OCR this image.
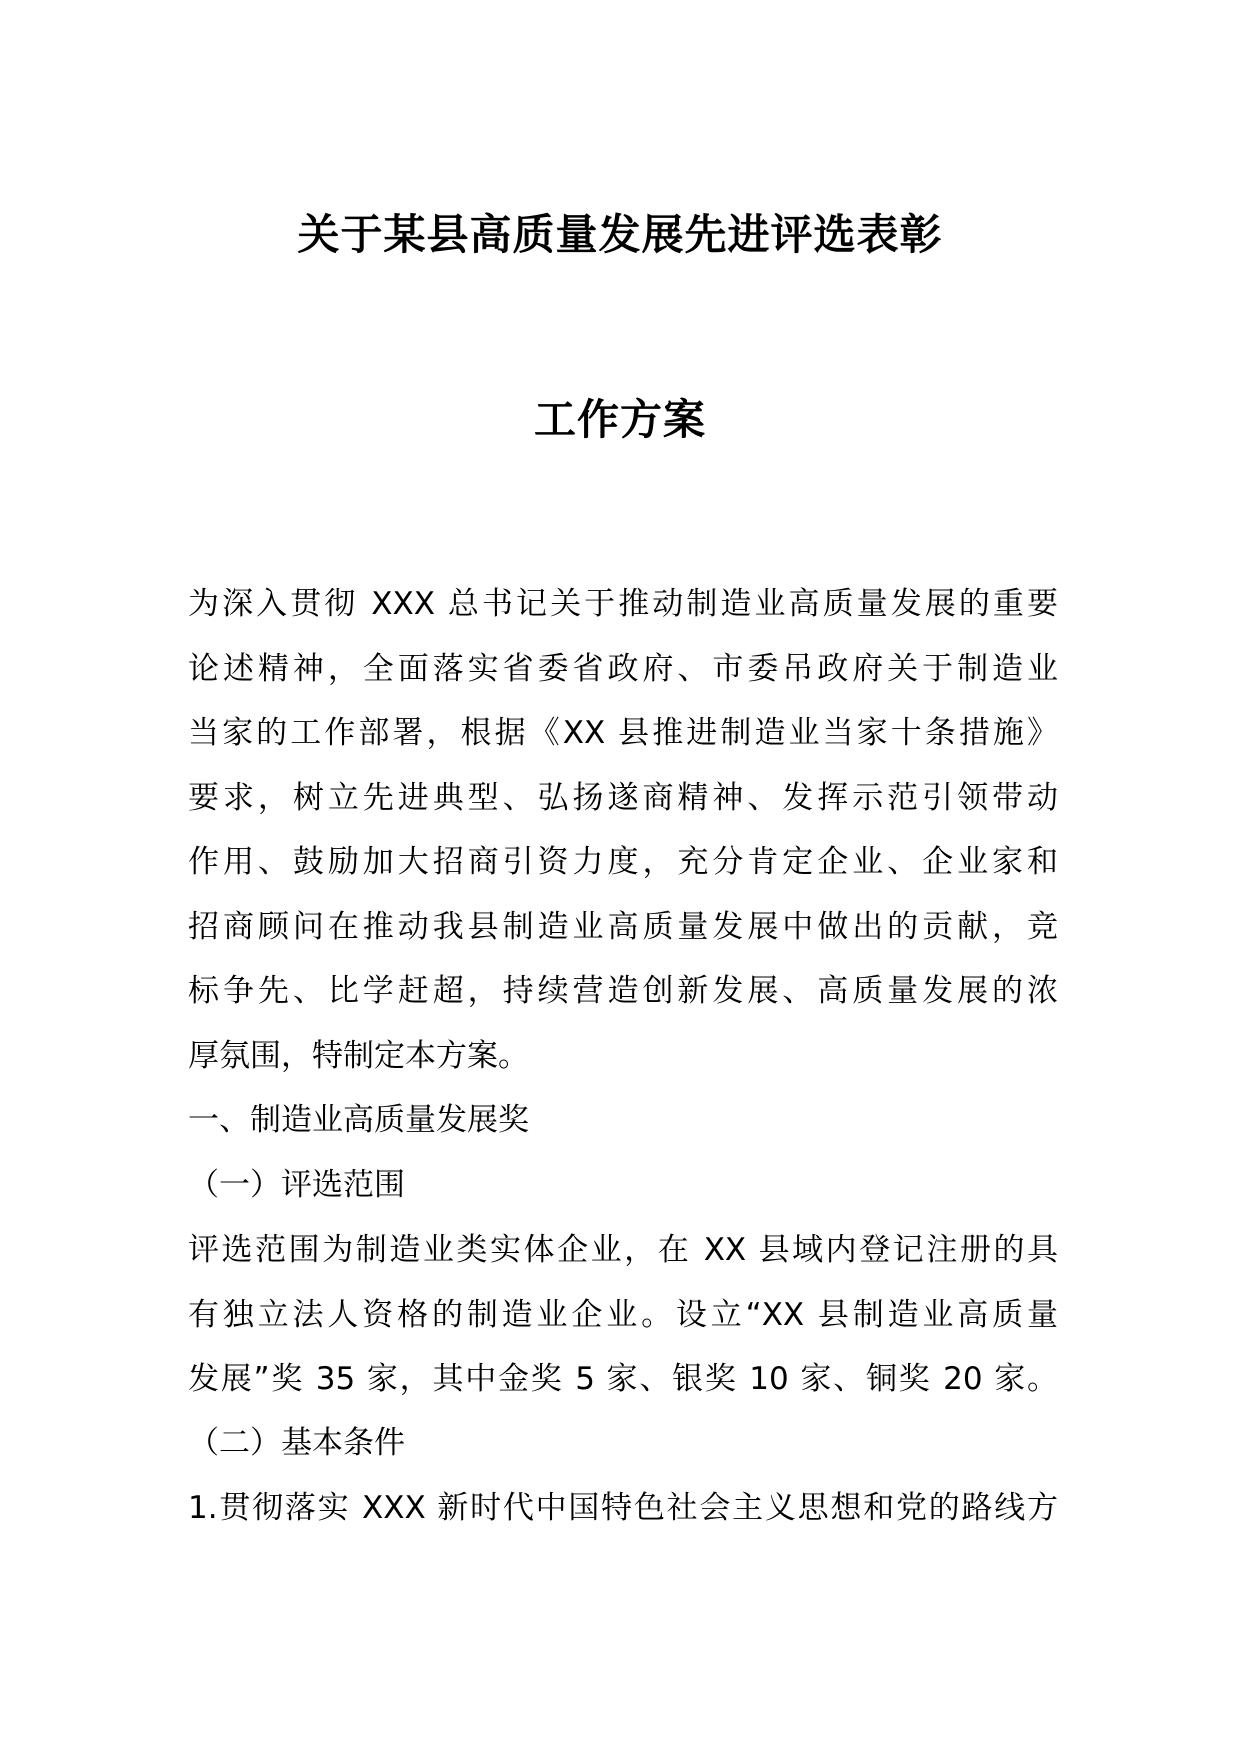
关于某县高质量发展先进评选表彰
工作方案
为深入贯彻 XXX 总书记关于推动制造业高质量发展的重要
论述精神，全面落实省委省政府、市委吊政府关于制造业
当家的工作部署，根据《XX 县推进制造业当家十条措施》
要求，树立先进典型、弘扬遂商精神、发挥示范引领带动
作用、鼓励加大招商引资力度，充分肯定企业、企业家和
招商顾问在推动我县制造业高质量发展中做出的贡献，竞
标争先、比学赶超，持续营造创新发展、高质量发展的浓
厚氛围，特制定本方案。
一、制造业高质量发展奖
（一）评选范围
评选范围为制造业类实体企业，在 XX 县域内登记注册的具
有独立法人资格的制造业企业。设立“XX 县制造业高质量
发展”奖 35 家，其中金奖 5 家、银奖 10 家、铜奖 20 家。
（二）基本条件
1.贯彻落实 XXX 新时代中国特色社会主义思想和党的路线方
